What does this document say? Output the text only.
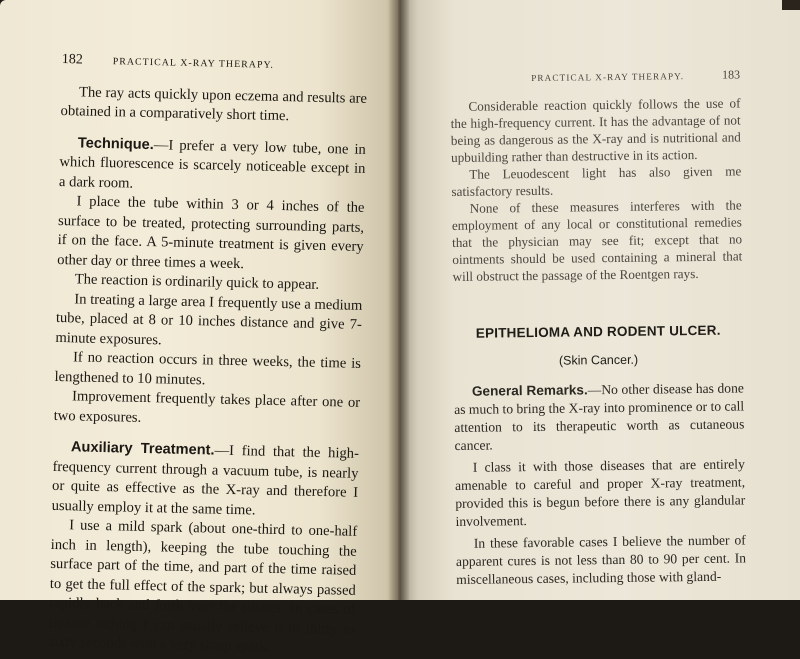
182	PRACTICAL X-RAY THERAPY.

The ray acts quickly upon eczema and results are obtained in a comparatively short time.

Technique.—I prefer a very low tube, one in which fluorescence is scarcely noticeable except in a dark room.

I place the tube within 3 or 4 inches of the surface to be treated, protecting surrounding parts, if on the face. A 5-minute treatment is given every other day or three times a week.

The reaction is ordinarily quick to appear.

In treating a large area I frequently use a medium tube, placed at 8 or 10 inches distance and give 7-minute exposures.

If no reaction occurs in three weeks, the time is lengthened to 10 minutes.

Improvement frequently takes place after one or two exposures.

Auxiliary Treatment.—I find that the high-frequency current through a vacuum tube, is nearly or quite as effective as the X-ray and therefore I usually employ it at the same time.

I use a mild spark (about one-third to one-half inch in length), keeping the tube touching the surface part of the time, and part of the time raised to get the full effect of the spark; but always passed rapidly back and forth over the tissues. In cases of intense itching I can usually relieve it in thirty to sixty seconds with a very sharp spark.

PRACTICAL X-RAY THERAPY.	183

Considerable reaction quickly follows the use of the high-frequency current. It has the advantage of not being as dangerous as the X-ray and is nutritional and upbuilding rather than destructive in its action.

The Leuodescent light has also given me satisfactory results.

None of these measures interferes with the employment of any local or constitutional remedies that the physician may see fit; except that no ointments should be used containing a mineral that will obstruct the passage of the Roentgen rays.

EPITHELIOMA AND RODENT ULCER.
(Skin Cancer.)

General Remarks.—No other disease has done as much to bring the X-ray into prominence or to call attention to its therapeutic worth as cutaneous cancer.

I class it with those diseases that are entirely amenable to careful and proper X-ray treatment, provided this is begun before there is any glandular involvement.

In these favorable cases I believe the number of apparent cures is not less than 80 to 90 per cent. In miscellaneous cases, including those with gland-
